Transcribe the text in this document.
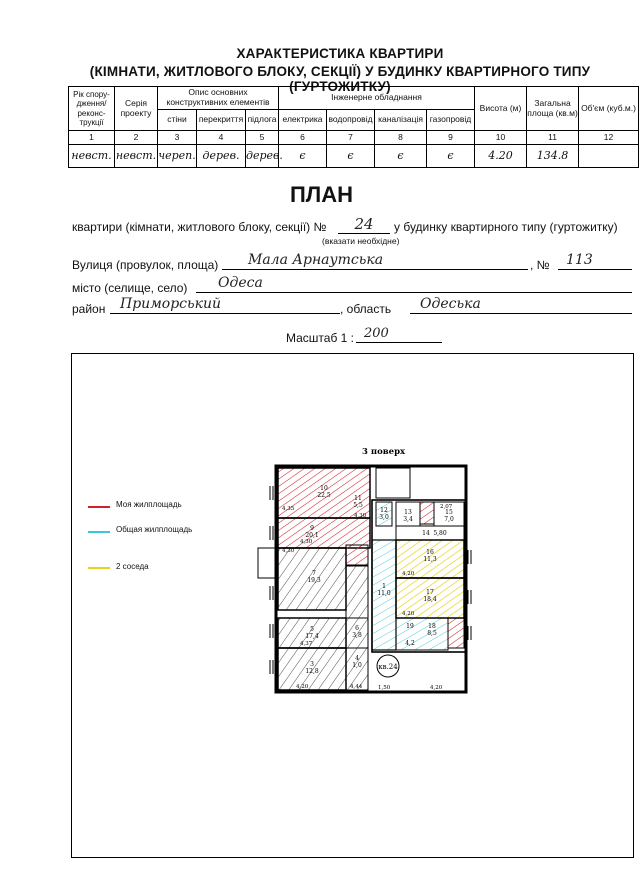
ХАРАКТЕРИСТИКА КВАРТИРИ
(КІМНАТИ, ЖИТЛОВОГО БЛОКУ, СЕКЦІЇ) У БУДИНКУ КВАРТИРНОГО ТИПУ (ГУРТОЖИТКУ)
Рік спору-дження/ реконс-трукції	Серія проекту	Опис основних конструктивних елементів			Інженерне обладнання				Висота (м)	Загальна площа (кв.м)	Об'єм (куб.м.)
		стіни	перекриття	підлога	електрика	водопровід	каналізація	газопровід			
1	2	3	4	5	6	7	8	9	10	11	12
невст.	невст.	череп.	дерев.	дерев.	є	є	є	є	4.20	134.8	
ПЛАН
квартири (кімнати, житлового блоку, секції) №	24	у будинку квартирного типу (гуртожитку)
(вказати необхідне)
Вулиця (провулок, площа)	Мала Арнаутська	, №	113
місто (селище, село)	Одеса
район	Приморський	, область	Одеська
Масштаб 1 : 200
Моя жилплощадь
Общая жилплощадь
2 соседа
3 поверх
кв.24
10
22,5	11
5,5
9
20,1
13
3,4
14 5,80
15
7,0
12
3,0
7
19,3
1
11,0
16
11,3
17
18,4
5
17,4
6
3,8
18
8,5
19
4,2
3
12,8
4
1,0
4,35
4,30
4,30
4,20
4,20
4,37
4,20	4,20
4,44
2,07
4,30
1,50
